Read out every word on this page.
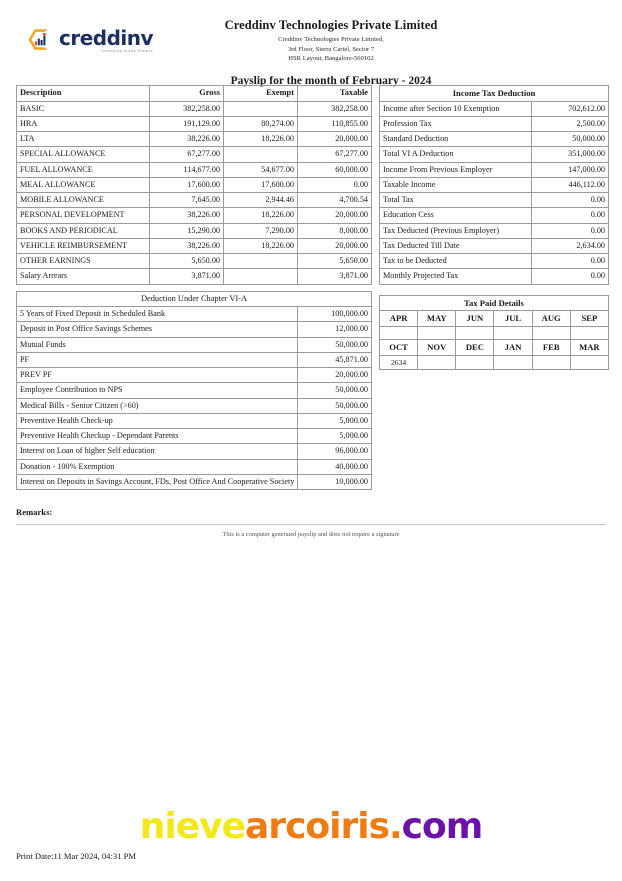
creddinv
Investing made Simple
Creddinv Technologies Private Limited
Creddinv Technologies Private Limited,
3rd Floor, Sierra Cartel, Sector 7
HSR Layout, Bangalore-560102
Payslip for the month of February - 2024
Description	Gross	Exempt	Taxable
BASIC	382,258.00		382,258.00
HRA	191,129.00	80,274.00	110,855.00
LTA	38,226.00	18,226.00	20,000.00
SPECIAL ALLOWANCE	67,277.00		67,277.00
FUEL ALLOWANCE	114,677.00	54,677.00	60,000.00
MEAL ALLOWANCE	17,600.00	17,600.00	0.00
MOBILE ALLOWANCE	7,645.00	2,944.46	4,700.54
PERSONAL DEVELOPMENT	38,226.00	18,226.00	20,000.00
BOOKS AND PERIODICAL	15,290.00	7,290.00	8,000.00
VEHICLE REIMBURSEMENT	38,226.00	18,226.00	20,000.00
OTHER EARNINGS	5,650.00		5,650.00
Salary Arrears	3,871.00		3,871.00
Deduction Under Chapter VI-A	
5 Years of Fixed Deposit in Scheduled Bank	100,000.00
Deposit in Post Office Savings Schemes	12,000.00
Mutual Funds	50,000.00
PF	45,871.00
PREV PF	20,000.00
Employee Contribution to NPS	50,000.00
Medical Bills - Senior Citizen (>60)	50,000.00
Preventive Health Check-up	5,000.00
Preventive Health Checkup - Dependant Parents	5,000.00
Interest on Loan of higher Self education	96,000.00
Donation - 100% Exemption	40,000.00
Interest on Deposits in Savings Account, FDs, Post Office And Cooperative Society	10,000.00
Income Tax Deduction	
Income after Section 10 Exemption	702,612.00
Profession Tax	2,500.00
Standard Deduction	50,000.00
Total VI A Deduction	351,000.00
Income From Previous Employer	147,000.00
Taxable Income	446,112.00
Total Tax	0.00
Education Cess	0.00
Tax Deducted (Previous Employer)	0.00
Tax Deducted Till Date	2,634.00
Tax to be Deducted	0.00
Monthly Projected Tax	0.00
Tax Paid Details					
APR	MAY	JUN	JUL	AUG	SEP

OCT	NOV	DEC	JAN	FEB	MAR
2634					
Remarks:
This is a computer generated payslip and does not require a signature
nievearcoiris.com
Print Date:11 Mar 2024, 04:31 PM
